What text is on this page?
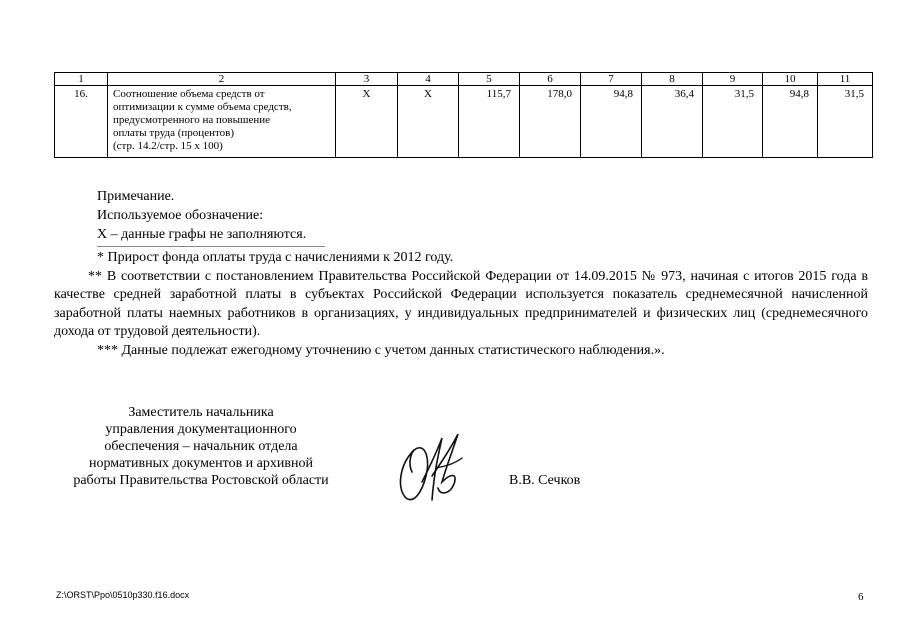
1	2	3	4	5	6	7	8	9	10	11
16.	Соотношение объема средств от
оптимизации к сумме объема средств,
предусмотренного на повышение
оплаты труда (процентов)
(стр. 14.2/стр. 15 x 100)	X	X	115,7	178,0	94,8	36,4	31,5	94,8	31,5
Примечание.
Используемое обозначение:
X – данные графы не заполняются.

* Прирост фонда оплаты труда с начислениями к 2012 году.

** В соответствии с постановлением Правительства Российской Федерации от 14.09.2015 № 973, начиная с итогов 2015 года в качестве средней заработной платы в субъектах Российской Федерации используется показатель среднемесячной начисленной заработной платы наемных работников в организациях, у индивидуальных предпринимателей и физических лиц (среднемесячного дохода от трудовой деятельности).

*** Данные подлежат ежегодному уточнению с учетом данных статистического наблюдения.».

Заместитель начальника
управления документационного
обеспечения – начальник отдела
нормативных документов и архивной
работы Правительства Ростовской области	В.В. Сечков
Z:\ORST\Ppo\0510p330.f16.docx	6
